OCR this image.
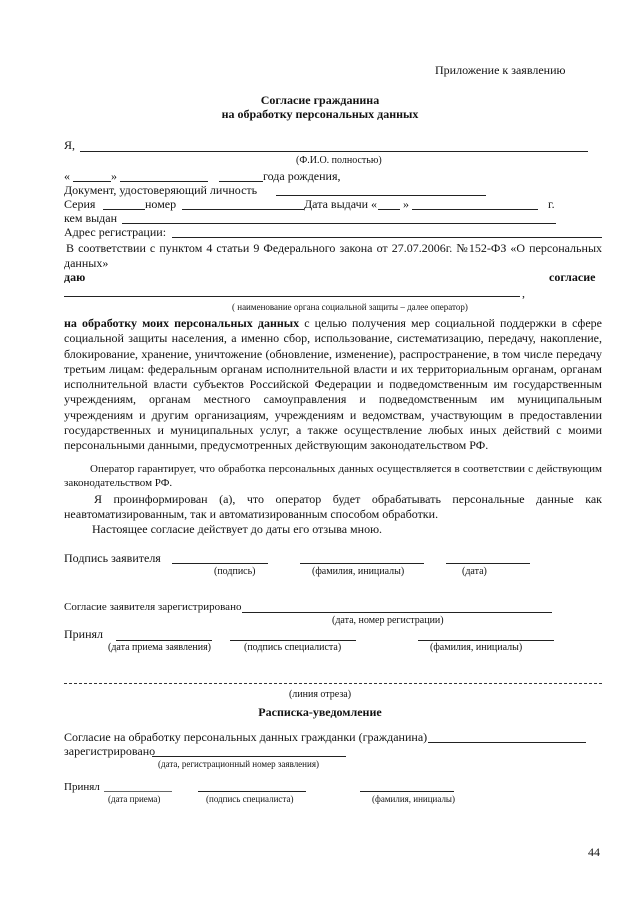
Приложение к заявлению
Согласие гражданина
на обработку персональных данных
Я,
(Ф.И.О. полностью)
«	»	года рождения,
Документ, удостоверяющий личность
Серия	номер	Дата выдачи « »	г.
кем выдан
Адрес регистрации:
В соответствии с пунктом 4 статьи 9 Федерального закона от 27.07.2006г. №152-ФЗ «О персональных данных»
даю	согласие
,
( наименование органа социальной защиты – далее оператор)
на обработку моих персональных данных с целью получения мер социальной поддержки в сфере социальной защиты населения, а именно сбор, использование, систематизацию, передачу, накопление, блокирование, хранение, уничтожение (обновление, изменение), распространение, в том числе передачу третьим лицам: федеральным органам исполнительной власти и их территориальным органам, органам исполнительной власти субъектов Российской Федерации и подведомственным им государственным учреждениям, органам местного самоуправления и подведомственным им муниципальным учреждениям и другим организациям, учреждениям и ведомствам, участвующим в предоставлении государственных и муниципальных услуг, а также осуществление любых иных действий с моими персональными данными, предусмотренных действующим законодательством РФ.
Оператор гарантирует, что обработка персональных данных осуществляется в соответствии с действующим законодательством РФ.
Я проинформирован (а), что оператор будет обрабатывать персональные данные как неавтоматизированным, так и автоматизированным способом обработки.
Настоящее согласие действует до даты его отзыва мною.
Подпись заявителя
(подпись)	(фамилия, инициалы)	(дата)
Согласие заявителя зарегистрировано
(дата, номер регистрации)
Принял
(дата приема заявления)	(подпись специалиста)	(фамилия, инициалы)
(линия отреза)
Расписка-уведомление
Согласие на обработку персональных данных гражданки (гражданина)
зарегистрировано
(дата, регистрационный номер заявления)
Принял
(дата приема)	(подпись специалиста)	(фамилия, инициалы)
44
